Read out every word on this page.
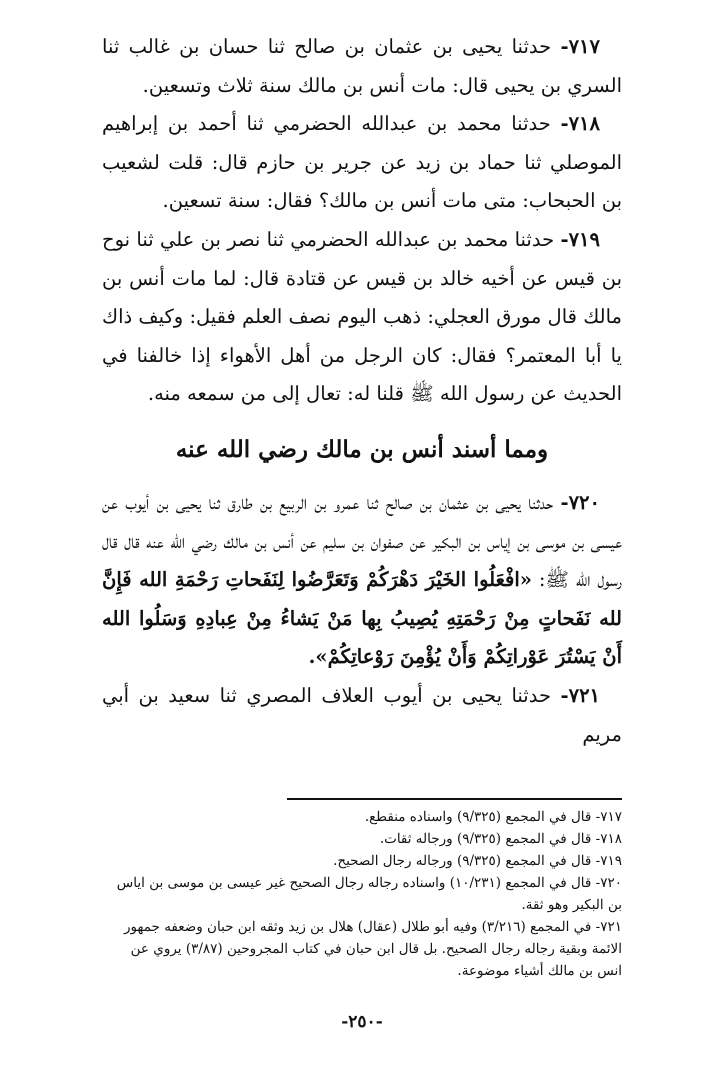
٧١٧- حدثنا يحيى بن عثمان بن صالح ثنا حسان بن غالب ثنا السري بن يحيى قال: مات أنس بن مالك سنة ثلاث وتسعين.

٧١٨- حدثنا محمد بن عبدالله الحضرمي ثنا أحمد بن إبراهيم الموصلي ثنا حماد بن زيد عن جرير بن حازم قال: قلت لشعيب بن الحبحاب: متى مات أنس بن مالك؟ فقال: سنة تسعين.

٧١٩- حدثنا محمد بن عبدالله الحضرمي ثنا نصر بن علي ثنا نوح بن قيس عن أخيه خالد بن قيس عن قتادة قال: لما مات أنس بن مالك قال مورق العجلي: ذهب اليوم نصف العلم فقيل: وكيف ذاك يا أبا المعتمر؟ فقال: كان الرجل من أهل الأهواء إذا خالفنا في الحديث عن رسول الله ﷺ قلنا له: تعال إلى من سمعه منه.

ومما أسند أنس بن مالك رضي الله عنه

٧٢٠- حدثنا يحيى بن عثمان بن صالح ثنا عمرو بن الربيع بن طارق ثنا يحيى بن أيوب عن عيسى بن موسى بن إياس بن البكير عن صفوان بن سليم عن أنس بن مالك رضي الله عنه قال قال رسول الله ﷺ: «افْعَلُوا الخَيْرَ دَهْرَكُمْ وَتَعَرَّضُوا لِنَفَحاتِ رَحْمَةِ الله فَإِنَّ لله نَفَحاتٍ مِنْ رَحْمَتِهِ يُصِيبُ بِها مَنْ يَشاءُ مِنْ عِبادِهِ وَسَلُوا الله أَنْ يَسْتُرَ عَوْراتِكُمْ وَأَنْ يُؤْمِنَ رَوْعاتِكُمْ».

٧٢١- حدثنا يحيى بن أيوب العلاف المصري ثنا سعيد بن أبي مريم

٧١٧- قال في المجمع (٩/٣٢٥) واسناده منقطع.

٧١٨- قال في المجمع (٩/٣٢٥) ورجاله ثقات.

٧١٩- قال في المجمع (٩/٣٢٥) ورجاله رجال الصحيح.

٧٢٠- قال في المجمع (١٠/٢٣١) واسناده رجاله رجال الصحيح غير عيسى بن موسى بن اياس بن البكير وهو ثقة.

٧٢١- في المجمع (٣/٢١٦) وفيه أبو طلال (عقال) هلال بن زيد وثقه ابن حبان وضعفه جمهور الائمة وبقية رجاله رجال الصحيح. بل قال ابن حبان في كتاب المجروحين (٣/٨٧) يروي عن انس بن مالك أشياء موضوعة.

-٢٥٠-
